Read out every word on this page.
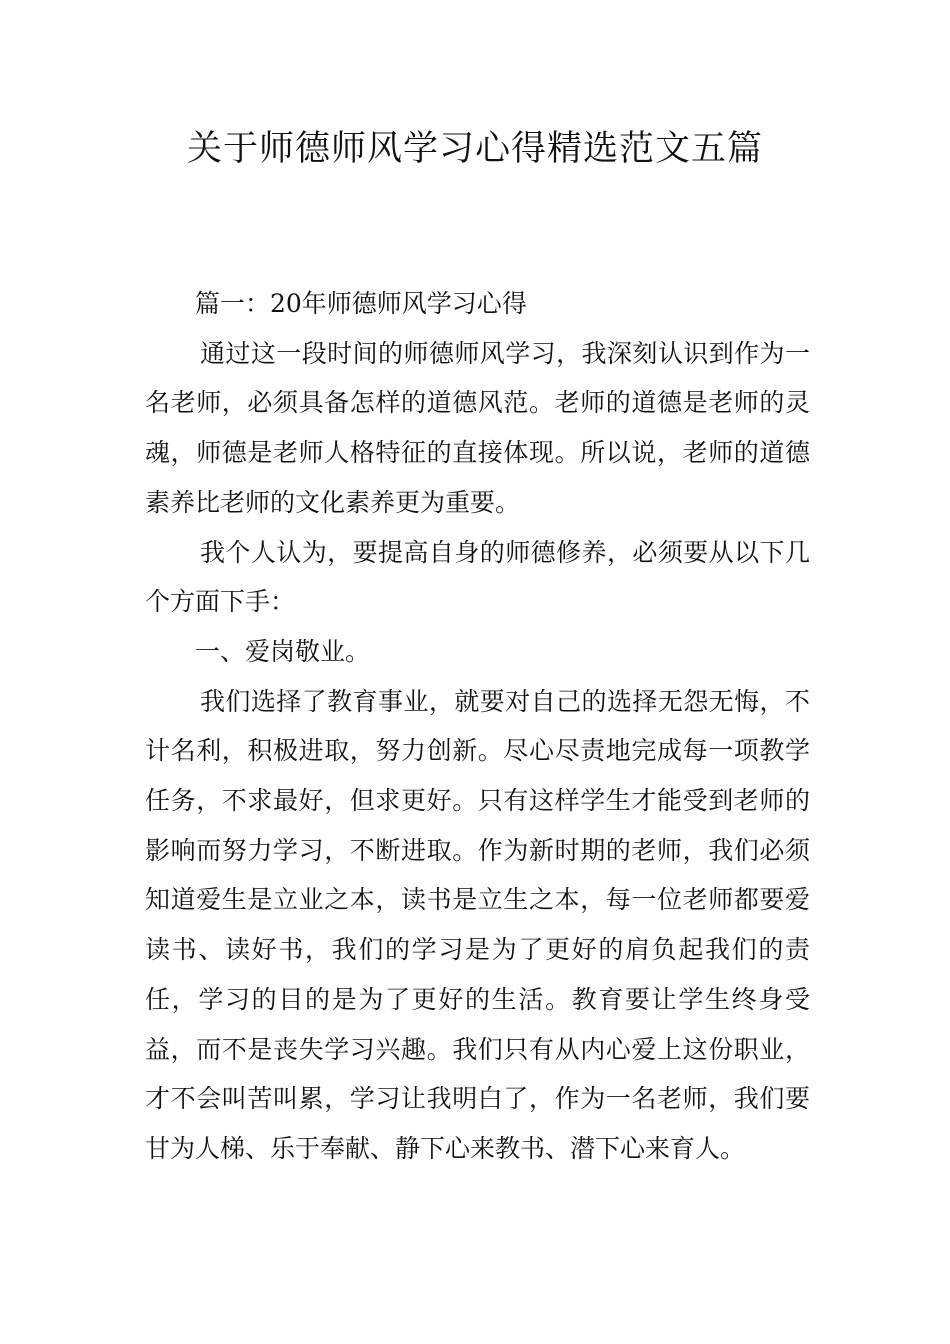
关于师德师风学习心得精选范文五篇

篇一：20年师德师风学习心得

通过这一段时间的师德师风学习，我深刻认识到作为一名老师，必须具备怎样的道德风范。老师的道德是老师的灵魂，师德是老师人格特征的直接体现。所以说，老师的道德素养比老师的文化素养更为重要。

我个人认为，要提高自身的师德修养，必须要从以下几个方面下手：

一、爱岗敬业。

我们选择了教育事业，就要对自己的选择无怨无悔，不计名利，积极进取，努力创新。尽心尽责地完成每一项教学任务，不求最好，但求更好。只有这样学生才能受到老师的影响而努力学习，不断进取。作为新时期的老师，我们必须知道爱生是立业之本，读书是立生之本，每一位老师都要爱读书、读好书，我们的学习是为了更好的肩负起我们的责任，学习的目的是为了更好的生活。教育要让学生终身受益，而不是丧失学习兴趣。我们只有从内心爱上这份职业，才不会叫苦叫累，学习让我明白了，作为一名老师，我们要甘为人梯、乐于奉献、静下心来教书、潜下心来育人。
